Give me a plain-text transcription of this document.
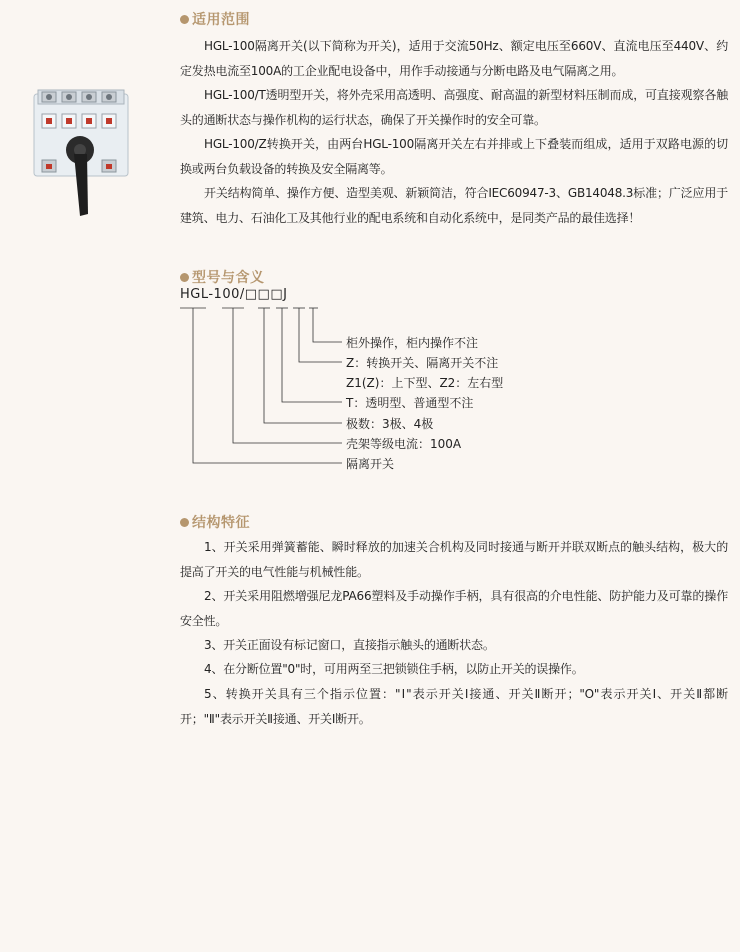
适用范围

HGL-100隔离开关(以下简称为开关)，适用于交流50Hz、额定电压至660V、直流电压至440V、约定发热电流至100A的工企业配电设备中，用作手动接通与分断电路及电气隔离之用。

HGL-100/T透明型开关，将外壳采用高透明、高强度、耐高温的新型材料压制而成，可直接观察各触头的通断状态与操作机构的运行状态，确保了开关操作时的安全可靠。

HGL-100/Z转换开关，由两台HGL-100隔离开关左右并排或上下叠装而组成，适用于双路电源的切换或两台负载设备的转换及安全隔离等。

开关结构简单、操作方便、造型美观、新颖简洁，符合IEC60947-3、GB14048.3标准；广泛应用于建筑、电力、石油化工及其他行业的配电系统和自动化系统中，是同类产品的最佳选择！

型号与含义
HGL-100/□□□J
柜外操作，柜内操作不注
Z：转换开关、隔离开关不注
Z1(Z)：上下型、Z2：左右型
T：透明型、普通型不注
极数：3极、4极
壳架等级电流：100A
隔离开关
结构特征

1、开关采用弹簧蓄能、瞬时释放的加速关合机构及同时接通与断开并联双断点的触头结构，极大的提高了开关的电气性能与机械性能。

2、开关采用阻燃增强尼龙PA66塑料及手动操作手柄，具有很高的介电性能、防护能力及可靠的操作安全性。

3、开关正面设有标记窗口，直接指示触头的通断状态。

4、在分断位置"0"时，可用两至三把锁锁住手柄，以防止开关的误操作。

5、转换开关具有三个指示位置："Ⅰ"表示开关Ⅰ接通、开关Ⅱ断开；"O"表示开关Ⅰ、开关Ⅱ都断开；"Ⅱ"表示开关Ⅱ接通、开关Ⅰ断开。
